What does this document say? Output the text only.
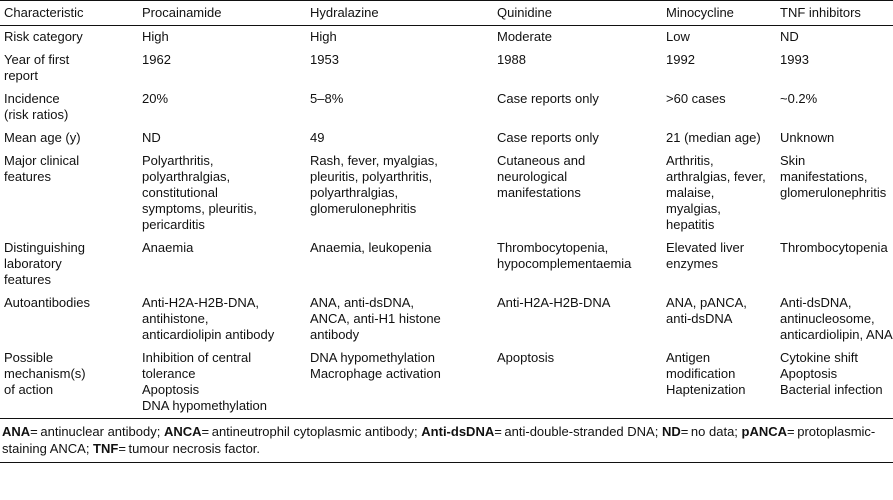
Characteristic	Procainamide	Hydralazine	Quinidine	Minocycline	TNF inhibitors

Risk category	High	High	Moderate	Low	ND

Year of first
report	1962	1953	1988	1992	1993

Incidence
(risk ratios)	20%	5–8%	Case reports only	>60 cases	~0.2%

Mean age (y)	ND	49	Case reports only	21 (median age)	Unknown

Major clinical
features	Polyarthritis,
polyarthralgias,
constitutional
symptoms, pleuritis,
pericarditis	Rash, fever, myalgias,
pleuritis, polyarthritis,
polyarthralgias,
glomerulonephritis	Cutaneous and
neurological
manifestations	Arthritis,
arthralgias, fever,
malaise,
myalgias,
hepatitis	Skin
manifestations,
glomerulonephritis

Distinguishing
laboratory
features	Anaemia	Anaemia, leukopenia	Thrombocytopenia,
hypocomplementaemia	Elevated liver
enzymes	Thrombocytopenia

Autoantibodies	Anti-H2A-H2B-DNA,
antihistone,
anticardiolipin antibody	ANA, anti-dsDNA,
ANCA, anti-H1 histone
antibody	Anti-H2A-H2B-DNA	ANA, pANCA,
anti-dsDNA	Anti-dsDNA,
antinucleosome,
anticardiolipin, ANA

Possible
mechanism(s)
of action	Inhibition of central
tolerance
Apoptosis
DNA hypomethylation	DNA hypomethylation
Macrophage activation	Apoptosis	Antigen
modification
Haptenization	Cytokine shift
Apoptosis
Bacterial infection
ANA= antinuclear antibody; ANCA= antineutrophil cytoplasmic antibody; Anti-dsDNA= anti-double-stranded DNA; ND= no data; pANCA= protoplasmic-staining ANCA; TNF= tumour necrosis factor.
